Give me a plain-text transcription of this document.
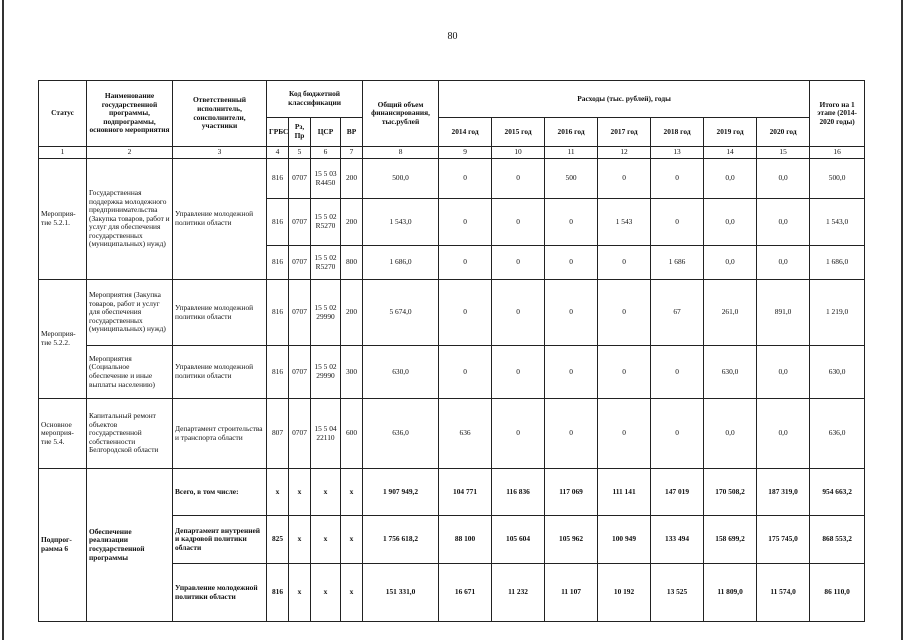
80
Статус	Наименование государственной программы, подпрограммы, основного мероприятия	Ответственный исполнитель, соисполнители, участники	Код бюджетной классификации				Общий объем финансирования, тыс.рублей	Расходы (тыс. рублей), годы							Итого на 1 этапе (2014-2020 годы)
			ГРБС	Рз, Пр	ЦСР	ВР		2014 год	2015 год	2016 год	2017 год	2018 год	2019 год	2020 год	
1	2	3	4	5	6	7	8	9	10	11	12	13	14	15	16
Мероприя-тие 5.2.1.	Государственная поддержка молодежного предпринимательства (Закупка товаров, работ и услуг для обеспечения государственных (муниципальных) нужд)	Управление молодежной политики области	816	0707	15 5 03 R4450	200	500,0	0	0	500	0	0	0,0	0,0	500,0
			816	0707	15 5 02 R5270	200	1 543,0	0	0	0	1 543	0	0,0	0,0	1 543,0
			816	0707	15 5 02 R5270	800	1 686,0	0	0	0	0	1 686	0,0	0,0	1 686,0
Мероприя-тие 5.2.2.	Мероприятия (Закупка товаров, работ и услуг для обеспечения государственных (муниципальных) нужд)	Управление молодежной политики области	816	0707	15 5 02 29990	200	5 674,0	0	0	0	0	67	261,0	891,0	1 219,0
	Мероприятия (Социальное обеспечение и иные выплаты населению)	Управление молодежной политики области	816	0707	15 5 02 29990	300	630,0	0	0	0	0	0	630,0	0,0	630,0
Основное мероприя-тие 5.4.	Капитальный ремонт объектов государственной собственности Белгородской области	Департамент строительства и транспорта области	807	0707	15 5 04 22110	600	636,0	636	0	0	0	0	0,0	0,0	636,0
Подпрог-рамма 6	Обеспечение реализации государственной программы	Всего, в том числе:	х	х	х	х	1 907 949,2	104 771	116 836	117 069	111 141	147 019	170 508,2	187 319,0	954 663,2
		Департамент внутренней и кадровой политики области	825	х	х	х	1 756 618,2	88 100	105 604	105 962	100 949	133 494	158 699,2	175 745,0	868 553,2
		Управление молодежной политики области	816	х	х	х	151 331,0	16 671	11 232	11 107	10 192	13 525	11 809,0	11 574,0	86 110,0
